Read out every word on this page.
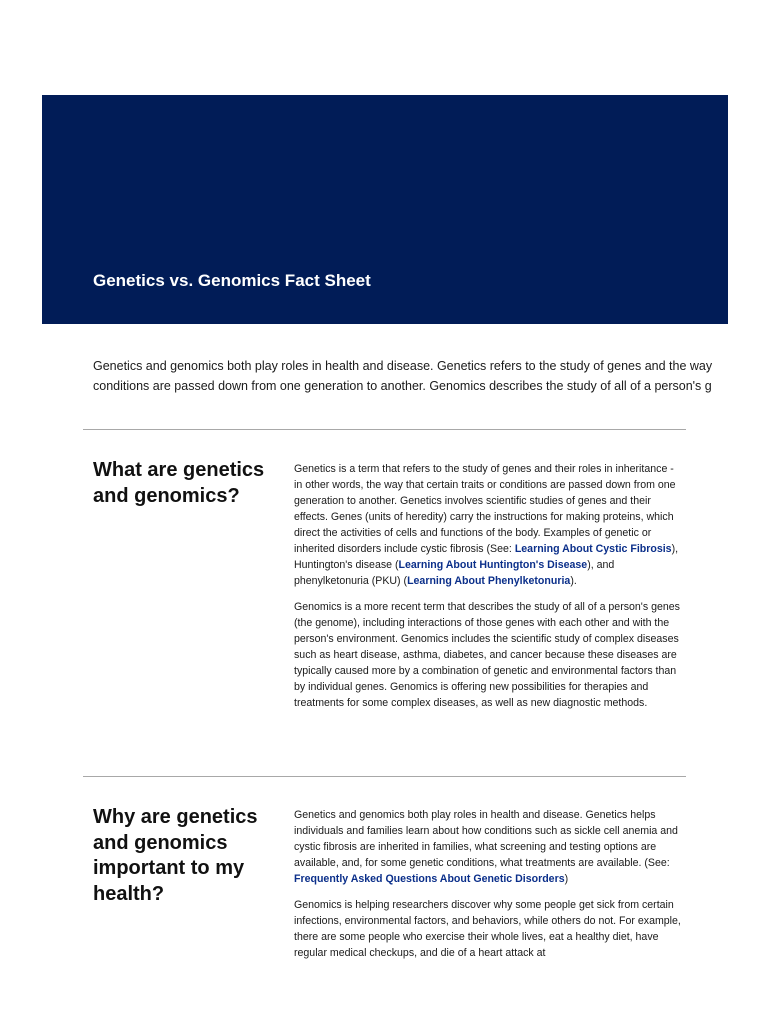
Genetics vs. Genomics Fact Sheet

Genetics and genomics both play roles in health and disease. Genetics refers to the study of genes and the way

conditions are passed down from one generation to another. Genomics describes the study of all of a person's g

What are genetics and genomics?

Genetics is a term that refers to the study of genes and their roles in inheritance - in other words, the way that certain traits or conditions are passed down from one generation to another. Genetics involves scientific studies of genes and their effects. Genes (units of heredity) carry the instructions for making proteins, which direct the activities of cells and functions of the body. Examples of genetic or inherited disorders include cystic fibrosis (See: Learning About Cystic Fibrosis), Huntington's disease (Learning About Huntington's Disease), and phenylketonuria (PKU) (Learning About Phenylketonuria).

Genomics is a more recent term that describes the study of all of a person's genes (the genome), including interactions of those genes with each other and with the person's environment. Genomics includes the scientific study of complex diseases such as heart disease, asthma, diabetes, and cancer because these diseases are typically caused more by a combination of genetic and environmental factors than by individual genes. Genomics is offering new possibilities for therapies and treatments for some complex diseases, as well as new diagnostic methods.

Why are genetics and genomics important to my health?

Genetics and genomics both play roles in health and disease. Genetics helps individuals and families learn about how conditions such as sickle cell anemia and cystic fibrosis are inherited in families, what screening and testing options are available, and, for some genetic conditions, what treatments are available. (See: Frequently Asked Questions About Genetic Disorders)

Genomics is helping researchers discover why some people get sick from certain infections, environmental factors, and behaviors, while others do not. For example, there are some people who exercise their whole lives, eat a healthy diet, have regular medical checkups, and die of a heart attack at
